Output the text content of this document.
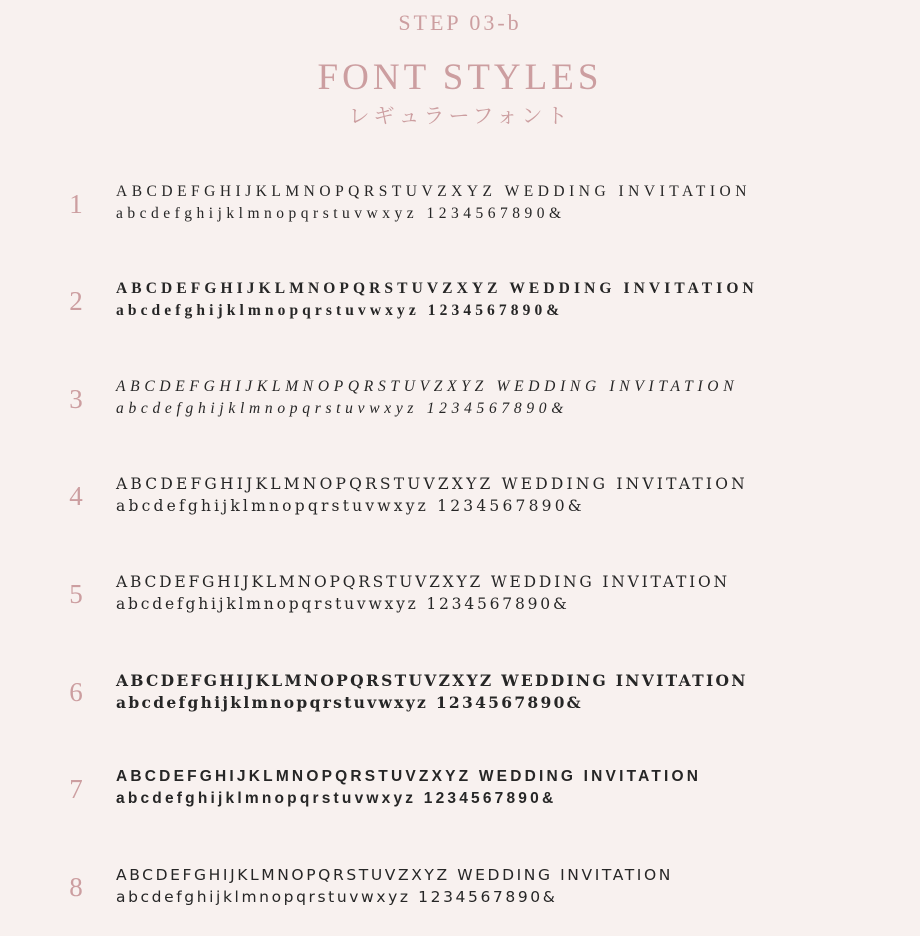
STEP 03-b
FONT STYLES
レギュラーフォント
1	ABCDEFGHIJKLMNOPQRSTUVZXYZ WEDDING INVITATION
abcdefghijklmnopqrstuvwxyz 1234567890&
2	ABCDEFGHIJKLMNOPQRSTUVZXYZ WEDDING INVITATION
abcdefghijklmnopqrstuvwxyz 1234567890&
3	ABCDEFGHIJKLMNOPQRSTUVZXYZ WEDDING INVITATION
abcdefghijklmnopqrstuvwxyz 1234567890&
4	ABCDEFGHIJKLMNOPQRSTUVZXYZ WEDDING INVITATION
abcdefghijklmnopqrstuvwxyz 1234567890&
5	ABCDEFGHIJKLMNOPQRSTUVZXYZ WEDDING INVITATION
abcdefghijklmnopqrstuvwxyz 1234567890&
6	ABCDEFGHIJKLMNOPQRSTUVZXYZ WEDDING INVITATION
abcdefghijklmnopqrstuvwxyz 1234567890&
7	ABCDEFGHIJKLMNOPQRSTUVZXYZ WEDDING INVITATION
abcdefghijklmnopqrstuvwxyz 1234567890&
8	ABCDEFGHIJKLMNOPQRSTUVZXYZ WEDDING INVITATION
abcdefghijklmnopqrstuvwxyz 1234567890&
